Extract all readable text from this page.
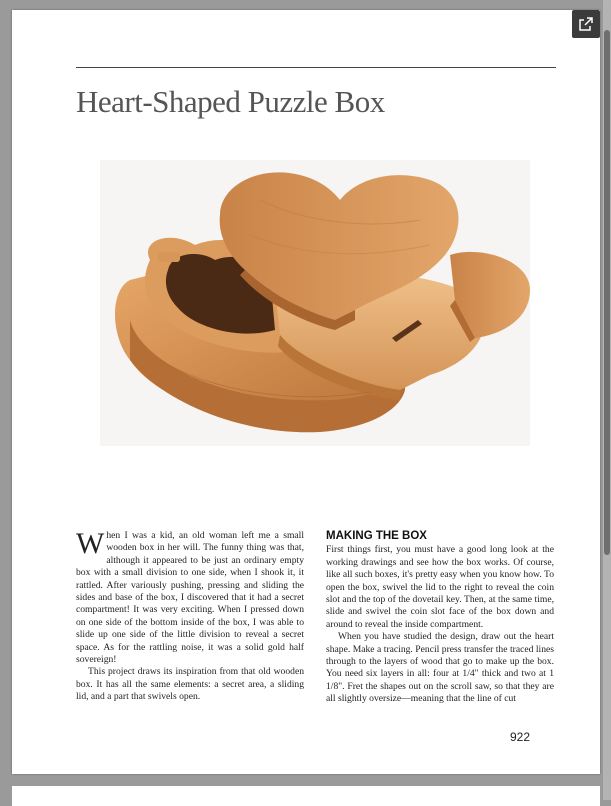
Heart-Shaped Puzzle Box

When I was a kid, an old woman left me a small wooden box in her will. The funny thing was that, although it appeared to be just an ordinary empty box with a small division to one side, when I shook it, it rattled. After variously pushing, pressing and sliding the sides and base of the box, I discovered that it had a secret compartment! It was very exciting. When I pressed down on one side of the bottom inside of the box, I was able to slide up one side of the little division to reveal a secret space. As for the rattling noise, it was a solid gold half sovereign!

This project draws its inspiration from that old wooden box. It has all the same elements: a secret area, a sliding lid, and a part that swivels open.

MAKING THE BOX

First things first, you must have a good long look at the working drawings and see how the box works. Of course, like all such boxes, it's pretty easy when you know how. To open the box, swivel the lid to the right to reveal the coin slot and the top of the dovetail key. Then, at the same time, slide and swivel the coin slot face of the box down and around to reveal the inside compartment.

When you have studied the design, draw out the heart shape. Make a tracing. Pencil press transfer the traced lines through to the layers of wood that go to make up the box. You need six layers in all: four at 1/4" thick and two at 1 1/8". Fret the shapes out on the scroll saw, so that they are all slightly oversize—meaning that the line of cut

922
